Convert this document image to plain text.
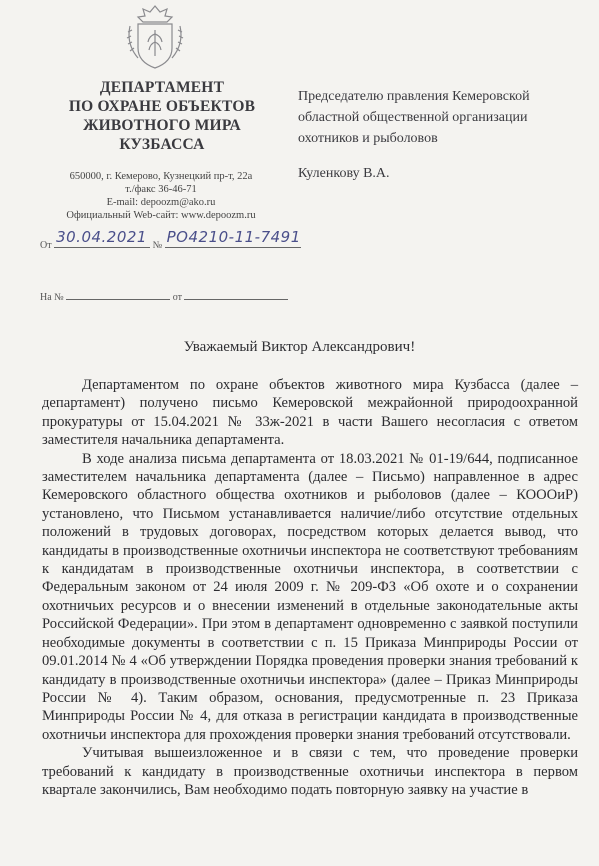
ДЕПАРТАМЕНТ
ПО ОХРАНЕ ОБЪЕКТОВ
ЖИВОТНОГО МИРА
КУЗБАССА
650000, г. Кемерово, Кузнецкий пр-т, 22а
т./факс 36-46-71
E-mail: depoozm@ako.ru
Официальный Web-сайт: www.depoozm.ru
Председателю правления Кемеровской
областной общественной организации
охотников и рыболовов
Куленкову В.А.
От 30.04.2021 № РО4210-11-7491
На №	от
Уважаемый Виктор Александрович!

Департаментом по охране объектов животного мира Кузбасса (далее – департамент) получено письмо Кемеровской межрайонной природоохранной прокуратуры от 15.04.2021 № 33ж-2021 в части Вашего несогласия с ответом заместителя начальника департамента.

В ходе анализа письма департамента от 18.03.2021 № 01-19/644, подписанное заместителем начальника департамента (далее – Письмо) направленное в адрес Кемеровского областного общества охотников и рыболовов (далее – КОООиР) установлено, что Письмом устанавливается наличие/либо отсутствие отдельных положений в трудовых договорах, посредством которых делается вывод, что кандидаты в производственные охотничьи инспектора не соответствуют требованиям к кандидатам в производственные охотничьи инспектора, в соответствии с Федеральным законом от 24 июля 2009 г. № 209-ФЗ «Об охоте и о сохранении охотничьих ресурсов и о внесении изменений в отдельные законодательные акты Российской Федерации». При этом в департамент одновременно с заявкой поступили необходимые документы в соответствии с п. 15 Приказа Минприроды России от 09.01.2014 № 4 «Об утверждении Порядка проведения проверки знания требований к кандидату в производственные охотничьи инспектора» (далее – Приказ Минприроды России № 4). Таким образом, основания, предусмотренные п. 23 Приказа Минприроды России № 4, для отказа в регистрации кандидата в производственные охотничьи инспектора для прохождения проверки знания требований отсутствовали.

Учитывая вышеизложенное и в связи с тем, что проведение проверки требований к кандидату в производственные охотничьи инспектора в первом квартале закончились, Вам необходимо подать повторную заявку на участие в
